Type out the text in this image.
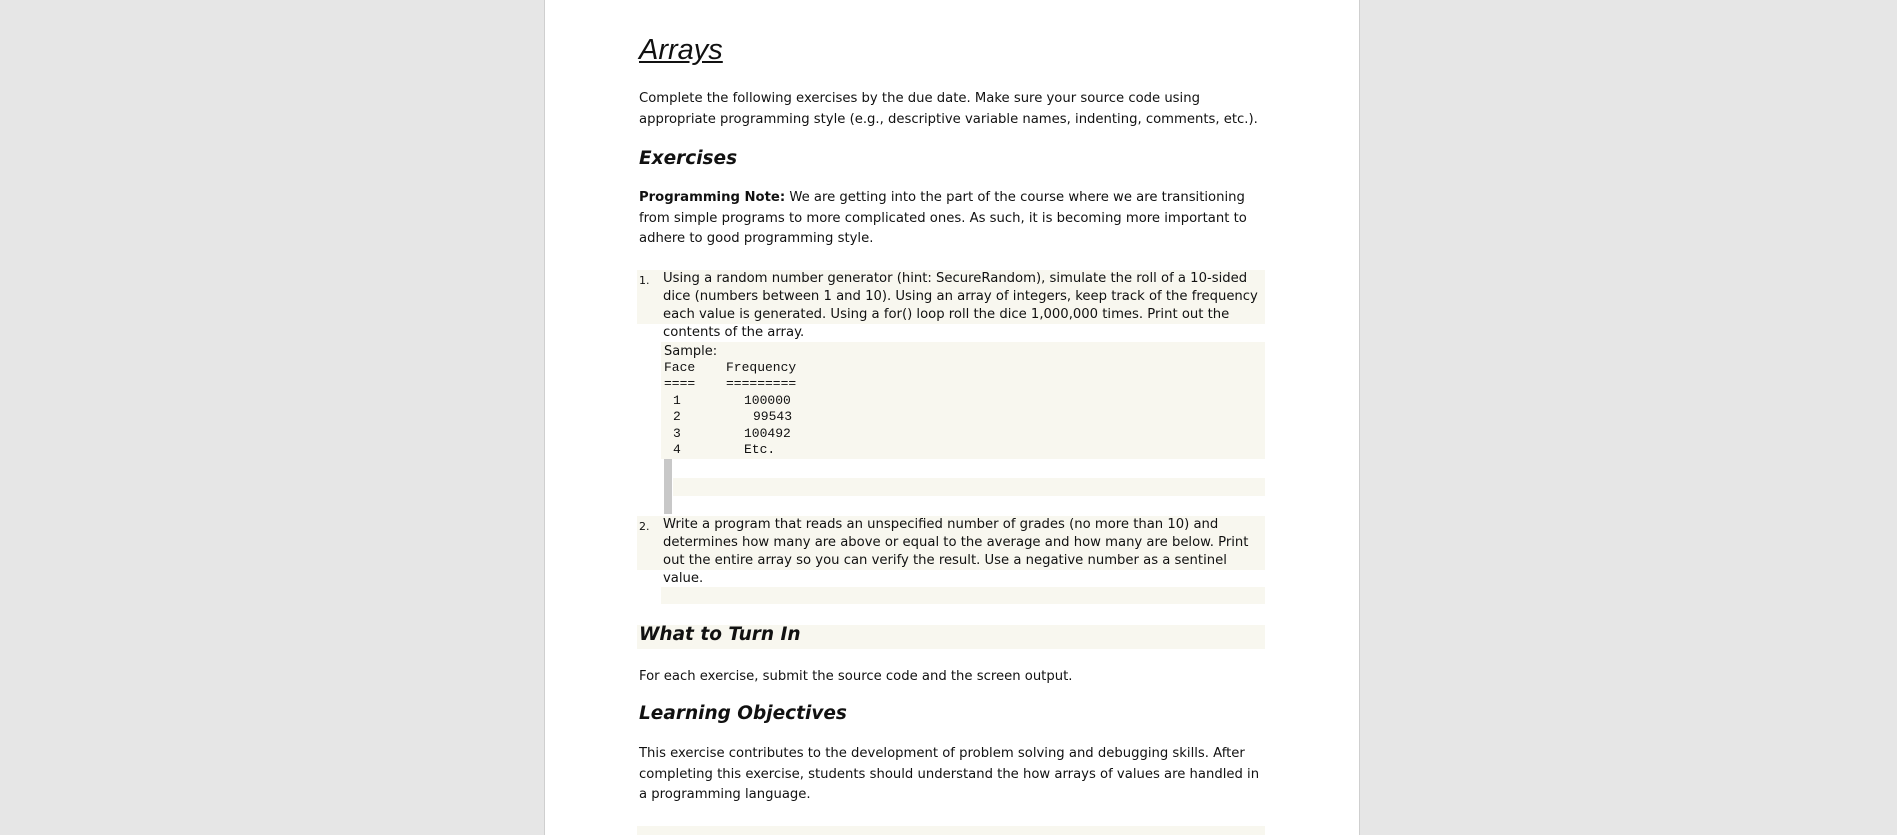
Arrays
Complete the following exercises by the due date. Make sure your source code using appropriate programming style (e.g., descriptive variable names, indenting, comments, etc.).
Exercises
Programming Note: We are getting into the part of the course where we are transitioning from simple programs to more complicated ones. As such, it is becoming more important to adhere to good programming style.
1. Using a random number generator (hint: SecureRandom), simulate the roll of a 10-sided dice (numbers between 1 and 10). Using an array of integers, keep track of the frequency each value is generated. Using a for() loop roll the dice 1,000,000 times. Print out the contents of the array.
Sample:
Face Frequency
==== =========
1	100000
2	99543
3	100492
4	Etc.
2. Write a program that reads an unspecified number of grades (no more than 10) and determines how many are above or equal to the average and how many are below. Print out the entire array so you can verify the result. Use a negative number as a sentinel value.
What to Turn In
For each exercise, submit the source code and the screen output.
Learning Objectives
This exercise contributes to the development of problem solving and debugging skills. After completing this exercise, students should understand the how arrays of values are handled in a programming language.
